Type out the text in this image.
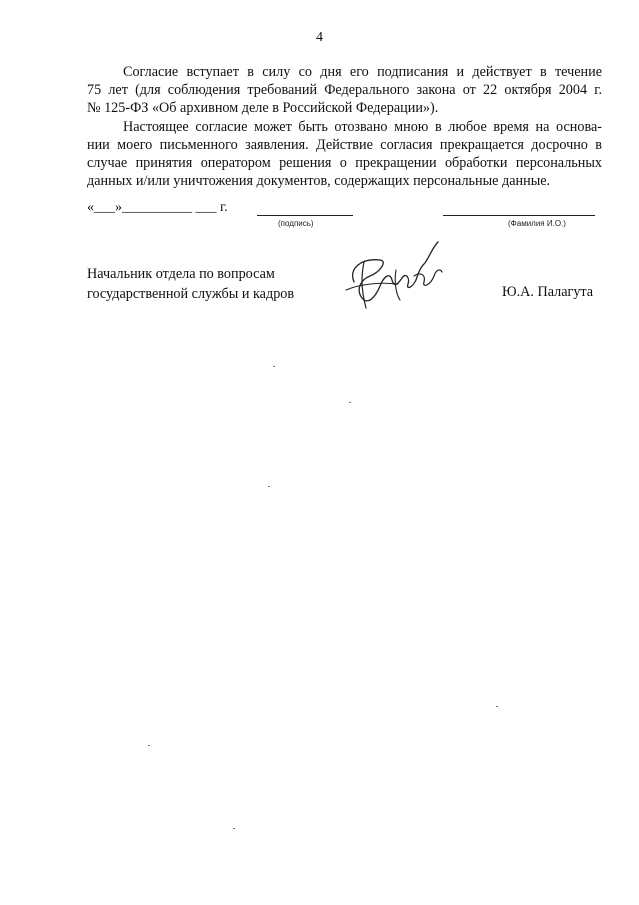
4
Согласие вступает в силу со дня его подписания и действует в течение
75 лет (для соблюдения требований Федерального закона от 22 октября 2004 г.
№ 125-ФЗ «Об архивном деле в Российской Федерации»).
Настоящее согласие может быть отозвано мною в любое время на основа-
нии моего письменного заявления. Действие согласия прекращается досрочно в
случае принятия оператором решения о прекращении обработки персональных
данных и/или уничтожения документов, содержащих персональные данные.
«___»__________ ___ г.
(подпись)	(Фамилия И.О.)
Начальник отдела по вопросам
государственной службы и кадров	Ю.А. Палагута
